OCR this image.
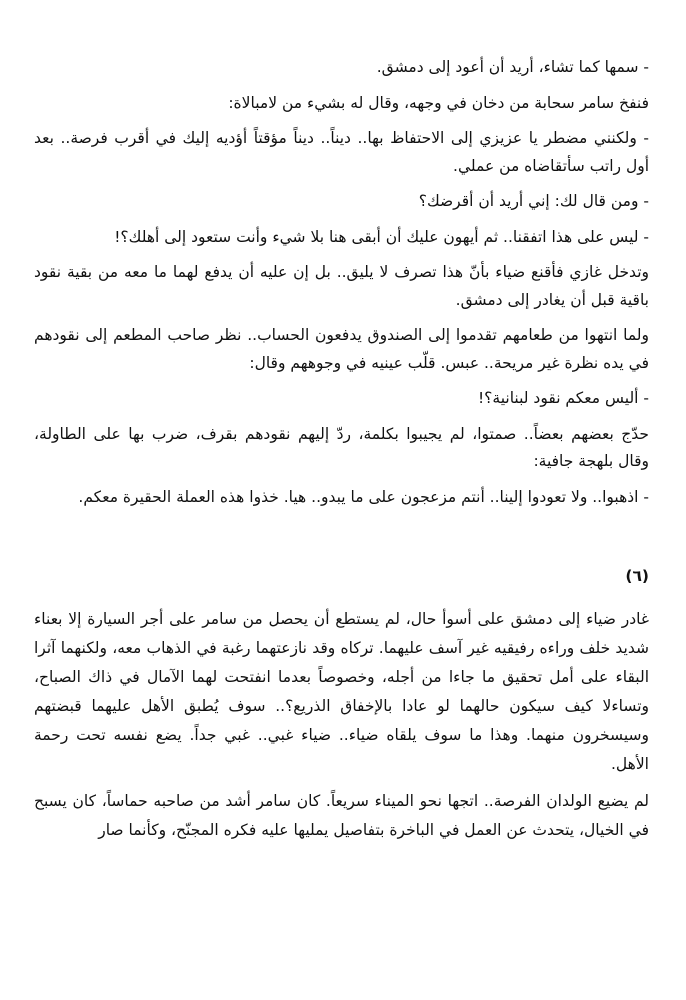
- سمها كما تشاء، أريد أن أعود إلى دمشق.

فنفخ سامر سحابة من دخان في وجهه، وقال له بشيء من لامبالاة:

- ولكنني مضطر يا عزيزي إلى الاحتفاظ بها.. ديناً.. ديناً مؤقتاً أؤديه إليك في أقرب فرصة.. بعد أول راتب سأتقاضاه من عملي.

- ومن قال لك: إني أريد أن أقرضك؟

- ليس على هذا اتفقنا.. ثم أيهون عليك أن أبقى هنا بلا شيء وأنت ستعود إلى أهلك؟!

وتدخل غازي فأقنع ضياء بأنّ هذا تصرف لا يليق.. بل إن عليه أن يدفع لهما ما معه من بقية نقود باقية قبل أن يغادر إلى دمشق.

ولما انتهوا من طعامهم تقدموا إلى الصندوق يدفعون الحساب.. نظر صاحب المطعم إلى نقودهم في يده نظرة غير مريحة.. عبس. قلّب عينيه في وجوههم وقال:

- أليس معكم نقود لبنانية؟!

حدّج بعضهم بعضاً.. صمتوا، لم يجيبوا بكلمة، ردّ إليهم نقودهم بقرف، ضرب بها على الطاولة، وقال بلهجة جافية:

- اذهبوا.. ولا تعودوا إلينا.. أنتم مزعجون على ما يبدو.. هيا. خذوا هذه العملة الحقيرة معكم.

(٦)

غادر ضياء إلى دمشق على أسوأ حال، لم يستطع أن يحصل من سامر على أجر السيارة إلا بعناء شديد خلف وراءه رفيقيه غير آسف عليهما. تركاه وقد نازعتهما رغبة في الذهاب معه، ولكنهما آثرا البقاء على أمل تحقيق ما جاءا من أجله، وخصوصاً بعدما انفتحت لهما الآمال في ذاك الصباح، وتساءلا كيف سيكون حالهما لو عادا بالإخفاق الذريع؟.. سوف يُطبق الأهل عليهما قبضتهم وسيسخرون منهما. وهذا ما سوف يلقاه ضياء.. ضياء غبي.. غبي جداً. يضع نفسه تحت رحمة الأهل.

لم يضيع الولدان الفرصة.. اتجها نحو الميناء سريعاً. كان سامر أشد من صاحبه حماساً، كان يسبح في الخيال، يتحدث عن العمل في الباخرة بتفاصيل يمليها عليه فكره المجنّح، وكأنما صار
